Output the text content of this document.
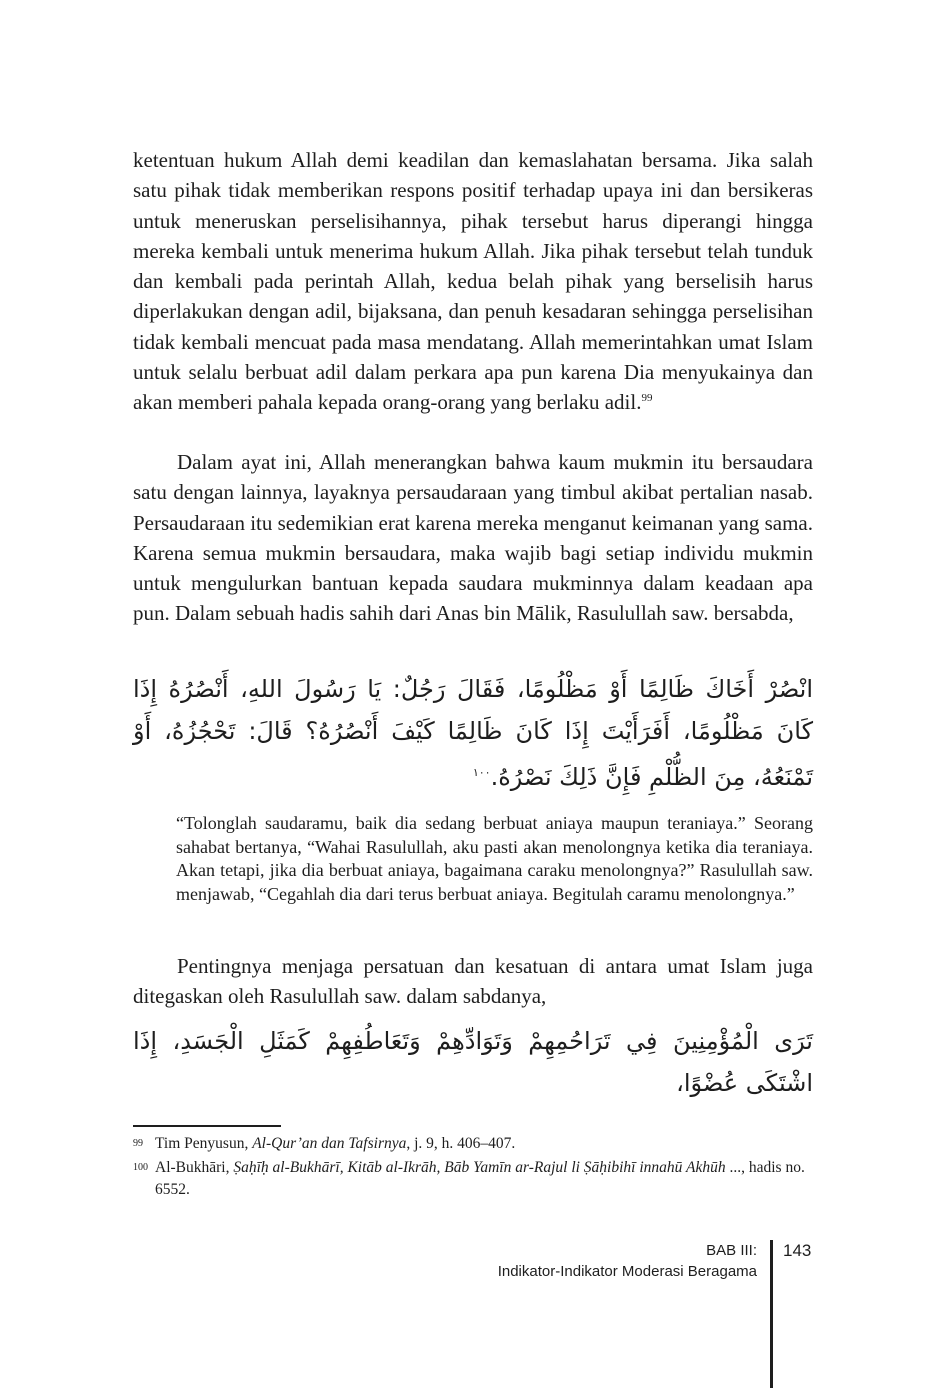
ketentuan hukum Allah demi keadilan dan kemaslahatan bersama. Jika salah satu pihak tidak memberikan respons positif terhadap upaya ini dan bersikeras untuk meneruskan perselisihannya, pihak tersebut harus diperangi hingga mereka kembali untuk menerima hukum Allah. Jika pihak tersebut telah tunduk dan kembali pada perintah Allah, kedua belah pihak yang berselisih harus diperlakukan dengan adil, bijaksana, dan penuh kesadaran sehingga perselisihan tidak kembali mencuat pada masa mendatang. Allah memerintahkan umat Islam untuk selalu berbuat adil dalam perkara apa pun karena Dia menyukainya dan akan memberi pahala kepada orang-orang yang berlaku adil.$^{99}$

Dalam ayat ini, Allah menerangkan bahwa kaum mukmin itu bersaudara satu dengan lainnya, layaknya persaudaraan yang timbul akibat pertalian nasab. Persaudaraan itu sedemikian erat karena mereka menganut keimanan yang sama. Karena semua mukmin bersaudara, maka wajib bagi setiap individu mukmin untuk mengulurkan bantuan kepada saudara mukminnya dalam keadaan apa pun. Dalam sebuah hadis sahih dari Anas bin Mālik, Rasulullah saw. bersabda,

انْصُرْ أَخَاكَ ظَالِمًا أَوْ مَظْلُومًا، فَقَالَ رَجُلٌ: يَا رَسُولَ اللهِ، أَنْصُرُهُ إِذَا كَانَ مَظْلُومًا، أَفَرَأَيْتَ إِذَا كَانَ ظَالِمًا كَيْفَ أَنْصُرُهُ؟ قَالَ: تَحْجُزُهُ، أَوْ تَمْنَعُهُ، مِنَ الظُّلْمِ فَإِنَّ ذَلِكَ نَصْرُهُ.$^{١٠٠}$

“Tolonglah saudaramu, baik dia sedang berbuat aniaya maupun teraniaya.” Seorang sahabat bertanya, “Wahai Rasulullah, aku pasti akan menolongnya ketika dia teraniaya. Akan tetapi, jika dia berbuat aniaya, bagaimana caraku menolongnya?” Rasulullah saw. menjawab, “Cegahlah dia dari terus berbuat aniaya. Begitulah caramu menolongnya.”

Pentingnya menjaga persatuan dan kesatuan di antara umat Islam juga ditegaskan oleh Rasulullah saw. dalam sabdanya,

تَرَى الْمُؤْمِنِينَ فِي تَرَاحُمِهِمْ وَتَوَادِّهِمْ وَتَعَاطُفِهِمْ كَمَثَلِ الْجَسَدِ، إِذَا اشْتَكَى عُضْوًا،

99 Tim Penyusun, Al-Qur’an dan Tafsirnya, j. 9, h. 406–407.

100 Al-Bukhāri, Ṣaḥīḥ al-Bukhārī, Kitāb al-Ikrāh, Bāb Yamīn ar-Rajul li Ṣāḥibihī innahū Akhūh ..., hadis no. 6552.

BAB III:
Indikator-Indikator Moderasi Beragama
143
